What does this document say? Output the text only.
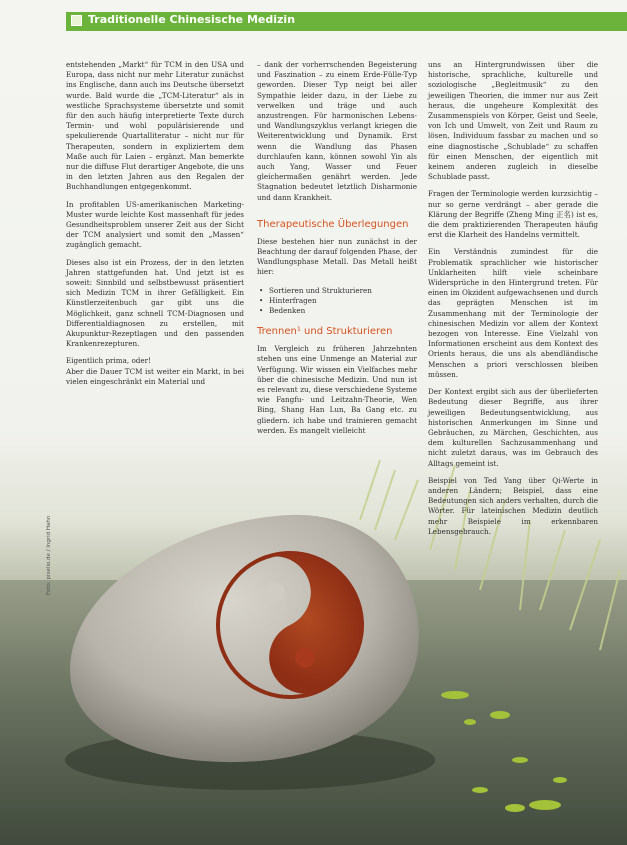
Traditionelle Chinesische Medizin

entstehenden „Markt“ für TCM in den USA und Europa, dass nicht nur mehr Literatur zunächst ins Englische, dann auch ins Deutsche übersetzt wurde. Bald wurde die „TCM-Literatur“ als in westliche Sprachsysteme übersetzte und somit für den auch häufig interpretierte Texte durch Termin- und wohl populärisierende und spekulierende Quartalliteratur – nicht nur für Therapeuten, sondern in expliziertem dem Maße auch für Laien – ergänzt. Man bemerkte nur die diffuse Flut derartiger Angebote, die uns in den letzten Jahren aus den Regalen der Buchhandlungen entgegenkommt.

In profitablen US-amerikanischen Marketing-Muster wurde leichte Kost massenhaft für jedes Gesundheitsproblem unserer Zeit aus der Sicht der TCM analysiert und somit den „Massen“ zugänglich gemacht.

Dieses also ist ein Prozess, der in den letzten Jahren stattgefunden hat. Und jetzt ist es soweit: Sinnbild und selbstbewusst präsentiert sich Medizin TCM in ihrer Gefälligkeit. Ein Künstlerzeitenbuch gar gibt uns die Möglichkeit, ganz schnell TCM-Diagnosen und Differentialdiagnosen zu erstellen, mit Akupunktur-Rezeptlagen und den passenden Krankenrezepturen.

Eigentlich prima, oder!

Aber die Dauer TCM ist weiter ein Markt, in bei vielen eingeschränkt ein Material und

– dank der vorherrschenden Begeisterung und Faszination – zu einem Erde-Fülle-Typ geworden. Dieser Typ neigt bei aller Sympathie leider dazu, in der Liebe zu verwelken und träge und auch anzustrengen. Für harmonischen Lebens- und Wandlungszyklus verlangt kriegen die Weiterentwicklung und Dynamik. Erst wenn die Wandlung das Phasen durchlaufen kann, können sowohl Yin als auch Yang, Wasser und Feuer gleichermaßen genährt werden. Jede Stagnation bedeutet letztlich Disharmonie und dann Krankheit.

Therapeutische Überlegungen

Diese bestehen hier nun zunächst in der Beachtung der darauf folgenden Phase, der Wandlungsphase Metall. Das Metall heißt hier:

• Sortieren und Strukturieren
• Hinterfragen
• Bedenken
Trennen¹ und Strukturieren

Im Vergleich zu früheren Jahrzehnten stehen uns eine Unmenge an Material zur Verfügung. Wir wissen ein Vielfaches mehr über die chinesische Medizin. Und nun ist es relevant zu, diese verschiedene Systeme wie Fangfu- und Leitzahn-Theorie, Wen Bing, Shang Han Lun, Ba Gang etc. zu gliedern. ich habe und trainieren gemacht werden. Es mangelt vielleicht

uns an Hintergrundwissen über die historische, sprachliche, kulturelle und soziologische „Begleitmusik“ zu den jeweiligen Theorien, die immer nur aus Zeit heraus, die ungeheure Komplexität des Zusammenspiels von Körper, Geist und Seele, von Ich und Umwelt, von Zeit und Raum zu lösen, Individuum fassbar zu machen und so eine diagnostische „Schublade“ zu schaffen für einen Menschen, der eigentlich mit keinem anderen zugleich in dieselbe Schublade passt.

Fragen der Terminologie werden kurzsichtig – nur so gerne verdrängt – aber gerade die Klärung der Begriffe (Zheng Ming 正名) ist es, die dem praktizierenden Therapeuten häufig erst die Klarheit des Handelns vermittelt.

Ein Verständnis zumindest für die Problematik sprachlicher wie historischer Unklarheiten hilft viele scheinbare Widersprüche in den Hintergrund treten. Für einen im Okzident aufgewachsenen und durch das geprägten Menschen ist im Zusammenhang mit der Terminologie der chinesischen Medizin vor allem der Kontext bezogen von Interesse. Eine Vielzahl von Informationen erscheint aus dem Kontext des Orients heraus, die uns als abendländische Menschen a priori verschlossen bleiben müssen.

Der Kontext ergibt sich aus der überlieferten Bedeutung dieser Begriffe, aus ihrer jeweiligen Bedeutungsentwicklung, aus historischen Anmerkungen im Sinne und Gebräuchen, zu Märchen, Geschichten, aus dem kulturellen Sachzusammenhang und nicht zuletzt daraus, was im Gebrauch des Alltags gemeint ist.

Beispiel von Ted Yang über Qi-Werte in anderen Ländern; Beispiel, dass eine Bedeutungen sich anders verhalten, durch die Wörter. Für lateinischen Medizin deutlich mehr Beispiele im erkennbaren Lebensgebrauch.

Foto: pixelio.de / Ingrid Hahn
